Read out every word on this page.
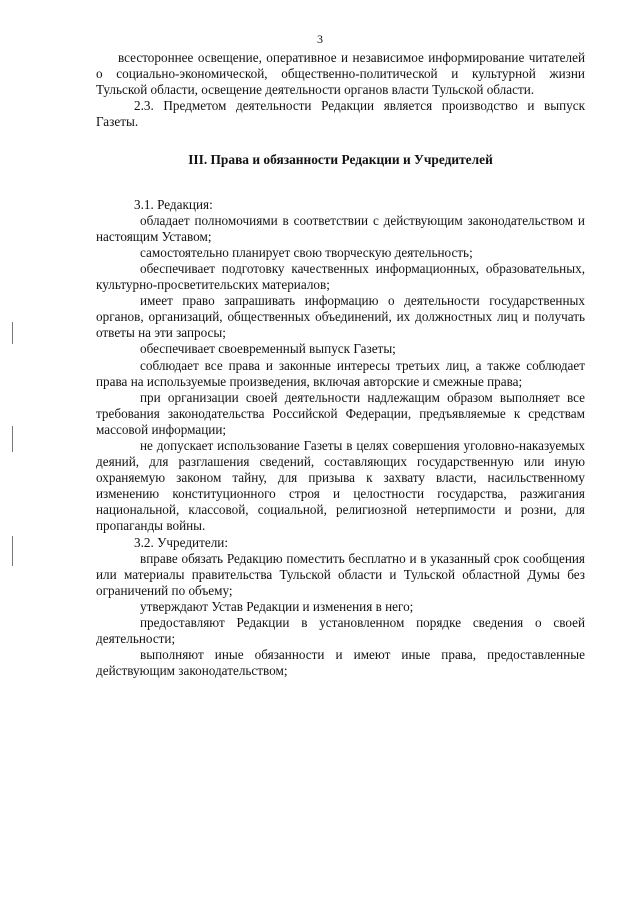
3

всестороннее освещение, оперативное и независимое информирование читателей о социально-экономической, общественно-политической и культурной жизни Тульской области, освещение деятельности органов власти Тульской области.

2.3. Предметом деятельности Редакции является производство и выпуск Газеты.

III. Права и обязанности Редакции и Учредителей

3.1. Редакция:

обладает полномочиями в соответствии с действующим законодательством и настоящим Уставом;

самостоятельно планирует свою творческую деятельность;

обеспечивает подготовку качественных информационных, образовательных, культурно-просветительских материалов;

имеет право запрашивать информацию о деятельности государственных органов, организаций, общественных объединений, их должностных лиц и получать ответы на эти запросы;

обеспечивает своевременный выпуск Газеты;

соблюдает все права и законные интересы третьих лиц, а также соблюдает права на используемые произведения, включая авторские и смежные права;

при организации своей деятельности надлежащим образом выполняет все требования законодательства Российской Федерации, предъявляемые к средствам массовой информации;

не допускает использование Газеты в целях совершения уголовно-наказуемых деяний, для разглашения сведений, составляющих государственную или иную охраняемую законом тайну, для призыва к захвату власти, насильственному изменению конституционного строя и целостности государства, разжигания национальной, классовой, социальной, религиозной нетерпимости и розни, для пропаганды войны.

3.2. Учредители:

вправе обязать Редакцию поместить бесплатно и в указанный срок сообщения или материалы правительства Тульской области и Тульской областной Думы без ограничений по объему;

утверждают Устав Редакции и изменения в него;

предоставляют Редакции в установленном порядке сведения о своей деятельности;

выполняют иные обязанности и имеют иные права, предоставленные действующим законодательством;
